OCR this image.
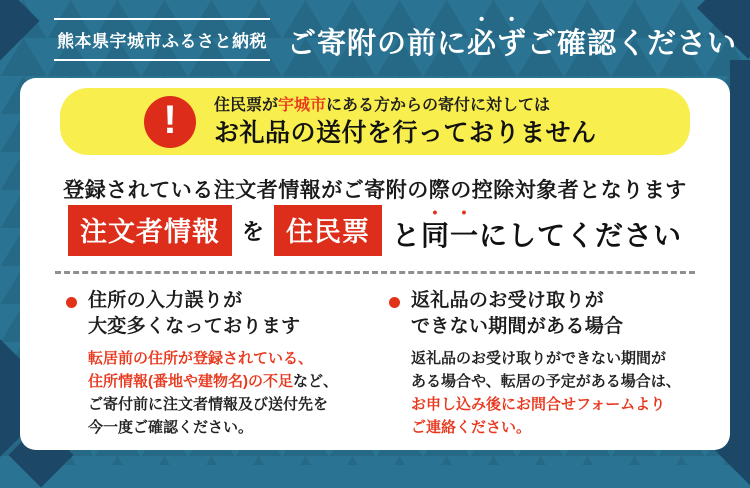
熊本県宇城市ふるさと納税 ご寄附の前に必ずご確認ください
!	住民票が宇城市にある方からの寄付に対しては

お礼品の送付を行っておりません

登録されている注文者情報がご寄附の際の控除対象者となります

注文者情報	を 住民票 と同一にしてください
住所の入力誤りが
大変多くなっております

転居前の住所が登録されている、
住所情報(番地や建物名)の不足など、
ご寄付前に注文者情報及び送付先を
今一度ご確認ください。

返礼品のお受け取りが
できない期間がある場合

返礼品のお受け取りができない期間が
ある場合や、転居の予定がある場合は、
お申し込み後にお問合せフォームより
ご連絡ください。
